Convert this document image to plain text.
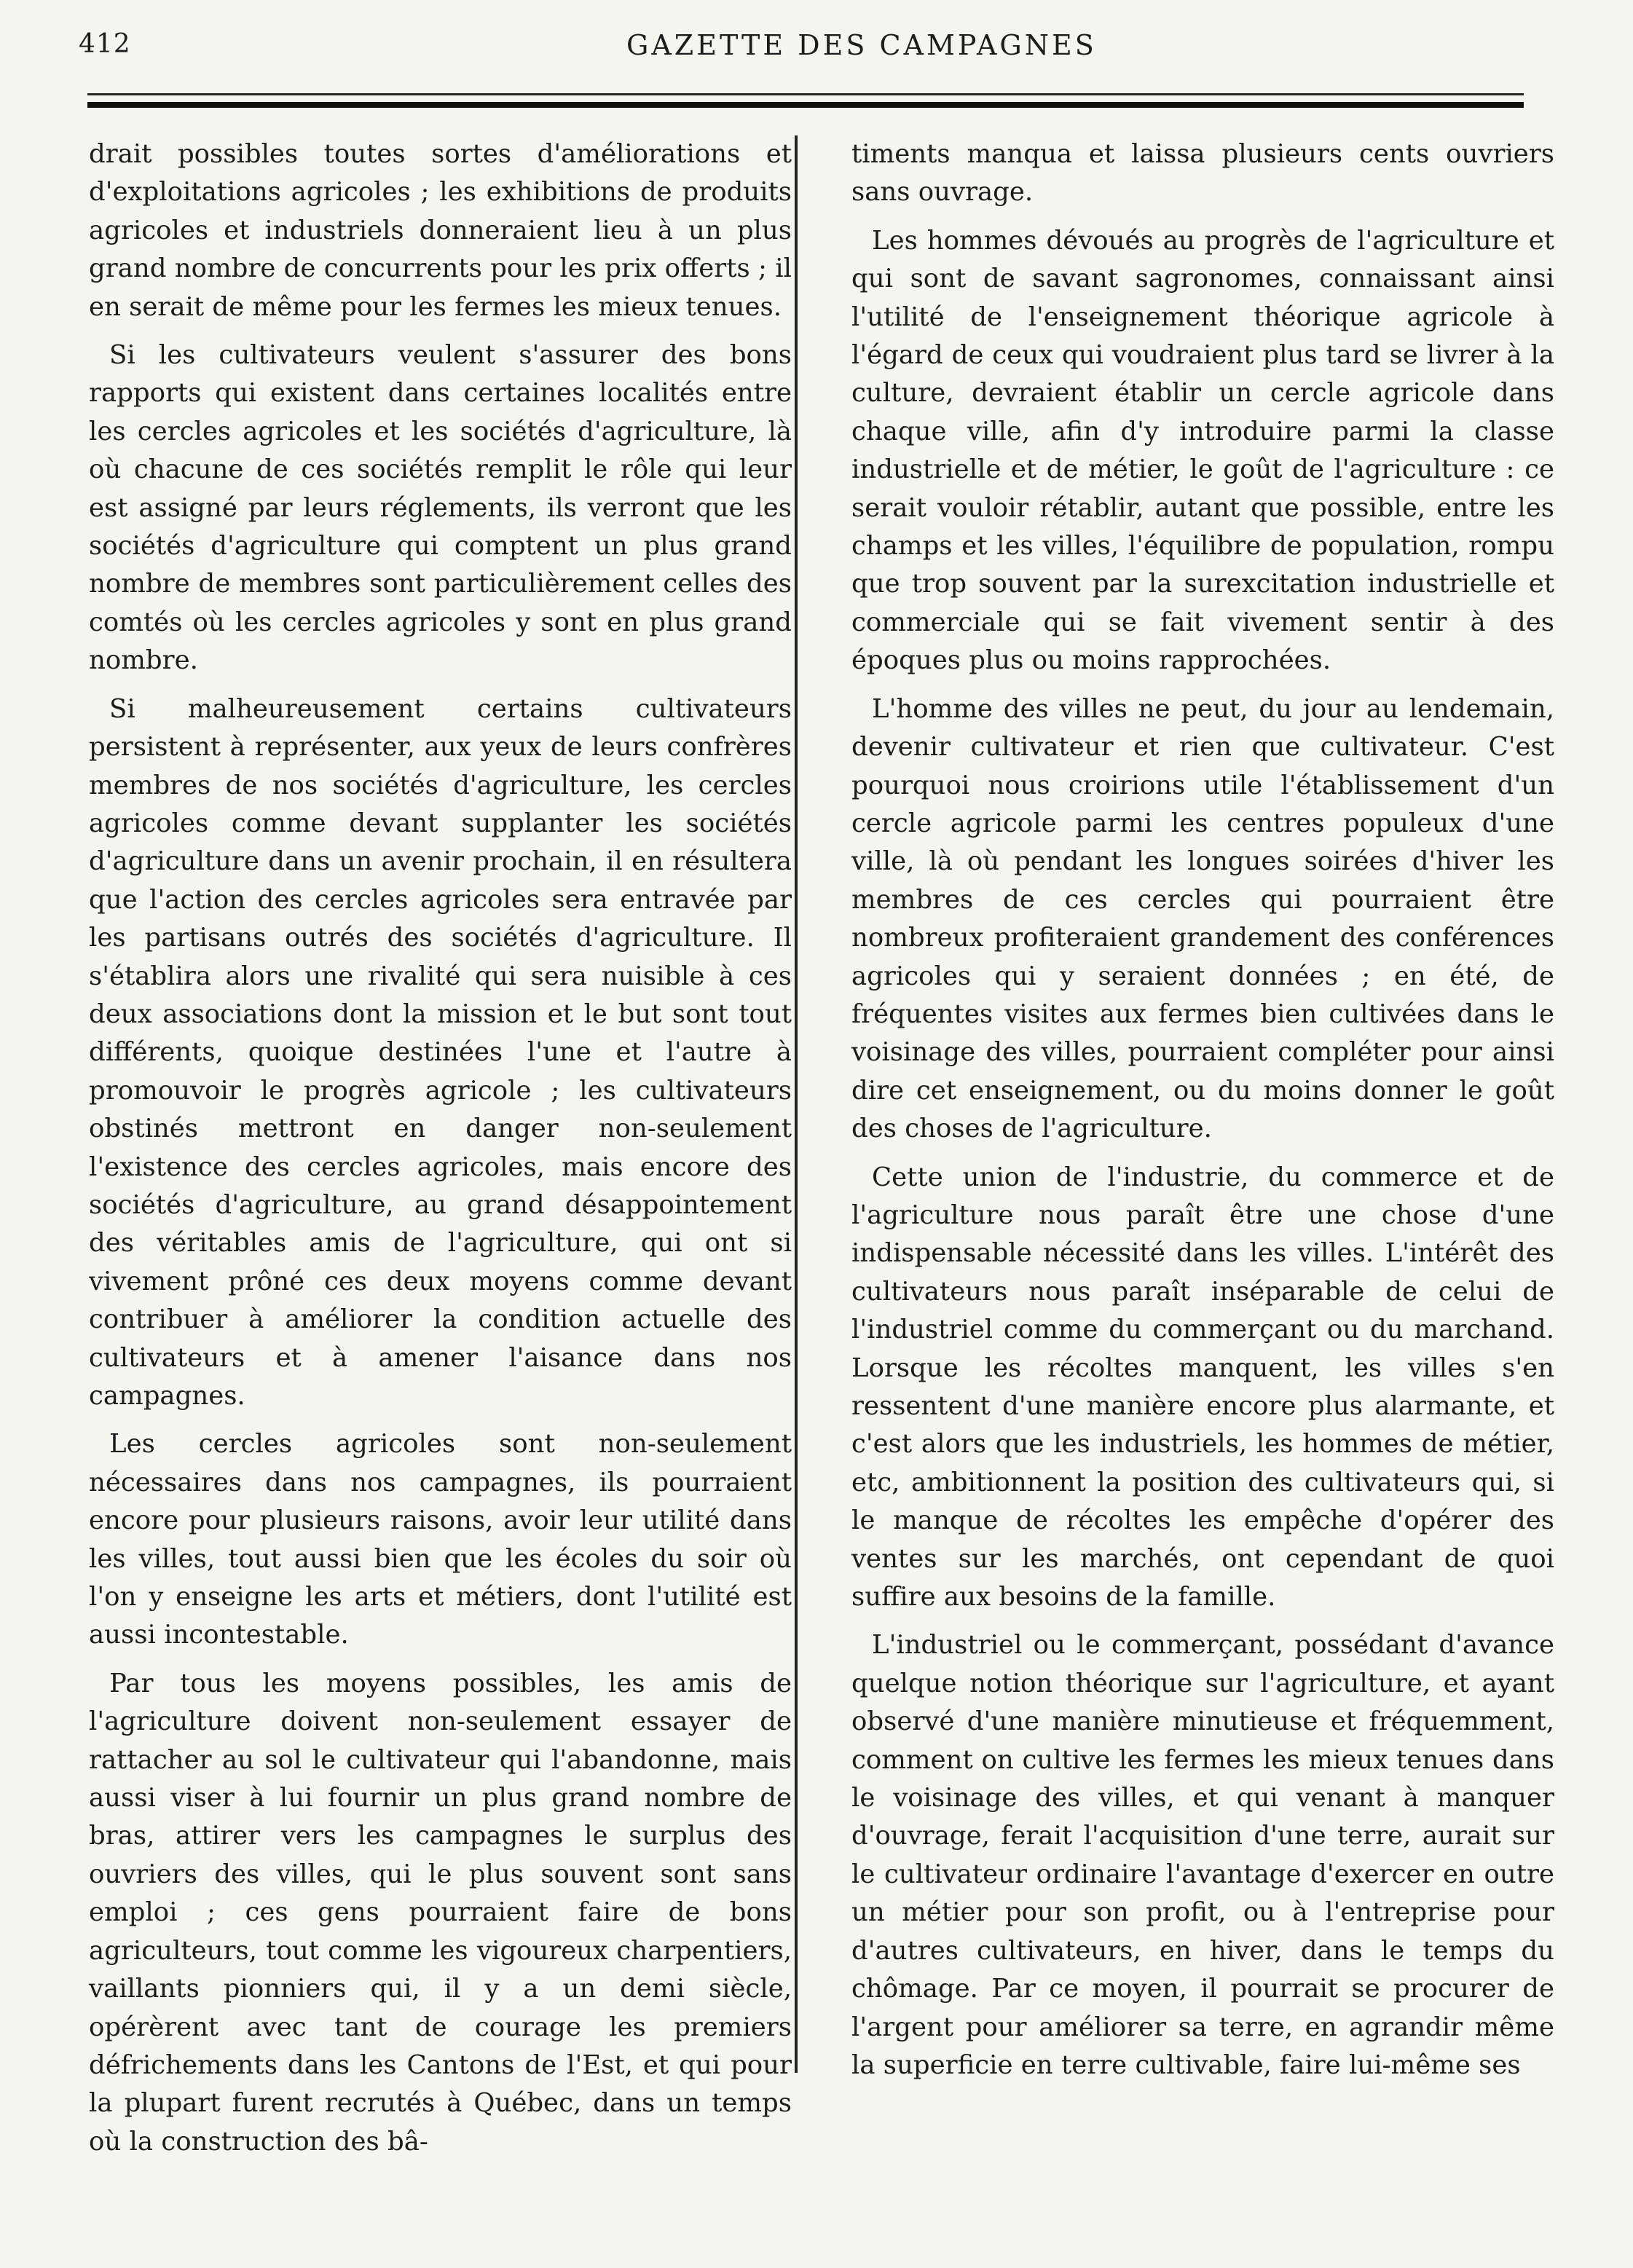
412	GAZETTE DES CAMPAGNES

drait possibles toutes sortes d'améliorations et d'exploitations agricoles ; les exhibitions de produits agricoles et industriels donneraient lieu à un plus grand nombre de concurrents pour les prix offerts ; il en serait de même pour les fermes les mieux tenues.

Si les cultivateurs veulent s'assurer des bons rapports qui existent dans certaines localités entre les cercles agricoles et les sociétés d'agriculture, là où chacune de ces sociétés remplit le rôle qui leur est assigné par leurs réglements, ils verront que les sociétés d'agriculture qui comptent un plus grand nombre de membres sont particulièrement celles des comtés où les cercles agricoles y sont en plus grand nombre.

Si malheureusement certains cultivateurs persistent à représenter, aux yeux de leurs confrères membres de nos sociétés d'agriculture, les cercles agricoles comme devant supplanter les sociétés d'agriculture dans un avenir prochain, il en résultera que l'action des cercles agricoles sera entravée par les partisans outrés des sociétés d'agriculture. Il s'établira alors une rivalité qui sera nuisible à ces deux associations dont la mission et le but sont tout différents, quoique destinées l'une et l'autre à promouvoir le progrès agricole ; les cultivateurs obstinés mettront en danger non-seulement l'existence des cercles agricoles, mais encore des sociétés d'agriculture, au grand désappointement des véritables amis de l'agriculture, qui ont si vivement prôné ces deux moyens comme devant contribuer à améliorer la condition actuelle des cultivateurs et à amener l'aisance dans nos campagnes.

Les cercles agricoles sont non-seulement nécessaires dans nos campagnes, ils pourraient encore pour plusieurs raisons, avoir leur utilité dans les villes, tout aussi bien que les écoles du soir où l'on y enseigne les arts et métiers, dont l'utilité est aussi incontestable.

Par tous les moyens possibles, les amis de l'agriculture doivent non-seulement essayer de rattacher au sol le cultivateur qui l'abandonne, mais aussi viser à lui fournir un plus grand nombre de bras, attirer vers les campagnes le surplus des ouvriers des villes, qui le plus souvent sont sans emploi ; ces gens pourraient faire de bons agriculteurs, tout comme les vigoureux charpentiers, vaillants pionniers qui, il y a un demi siècle, opérèrent avec tant de courage les premiers défrichements dans les Cantons de l'Est, et qui pour la plupart furent recrutés à Québec, dans un temps où la construction des bâ-

timents manqua et laissa plusieurs cents ouvriers sans ouvrage.

Les hommes dévoués au progrès de l'agriculture et qui sont de savant sagronomes, connaissant ainsi l'utilité de l'enseignement théorique agricole à l'égard de ceux qui voudraient plus tard se livrer à la culture, devraient établir un cercle agricole dans chaque ville, afin d'y introduire parmi la classe industrielle et de métier, le goût de l'agriculture : ce serait vouloir rétablir, autant que possible, entre les champs et les villes, l'équilibre de population, rompu que trop souvent par la surexcitation industrielle et commerciale qui se fait vivement sentir à des époques plus ou moins rapprochées.

L'homme des villes ne peut, du jour au lendemain, devenir cultivateur et rien que cultivateur. C'est pourquoi nous croirions utile l'établissement d'un cercle agricole parmi les centres populeux d'une ville, là où pendant les longues soirées d'hiver les membres de ces cercles qui pourraient être nombreux profiteraient grandement des conférences agricoles qui y seraient données ; en été, de fréquentes visites aux fermes bien cultivées dans le voisinage des villes, pourraient compléter pour ainsi dire cet enseignement, ou du moins donner le goût des choses de l'agriculture.

Cette union de l'industrie, du commerce et de l'agriculture nous paraît être une chose d'une indispensable nécessité dans les villes. L'intérêt des cultivateurs nous paraît inséparable de celui de l'industriel comme du commerçant ou du marchand. Lorsque les récoltes manquent, les villes s'en ressentent d'une manière encore plus alarmante, et c'est alors que les industriels, les hommes de métier, etc, ambitionnent la position des cultivateurs qui, si le manque de récoltes les empêche d'opérer des ventes sur les marchés, ont cependant de quoi suffire aux besoins de la famille.

L'industriel ou le commerçant, possédant d'avance quelque notion théorique sur l'agriculture, et ayant observé d'une manière minutieuse et fréquemment, comment on cultive les fermes les mieux tenues dans le voisinage des villes, et qui venant à manquer d'ouvrage, ferait l'acquisition d'une terre, aurait sur le cultivateur ordinaire l'avantage d'exercer en outre un métier pour son profit, ou à l'entreprise pour d'autres cultivateurs, en hiver, dans le temps du chômage. Par ce moyen, il pourrait se procurer de l'argent pour améliorer sa terre, en agrandir même la superficie en terre cultivable, faire lui-même ses
